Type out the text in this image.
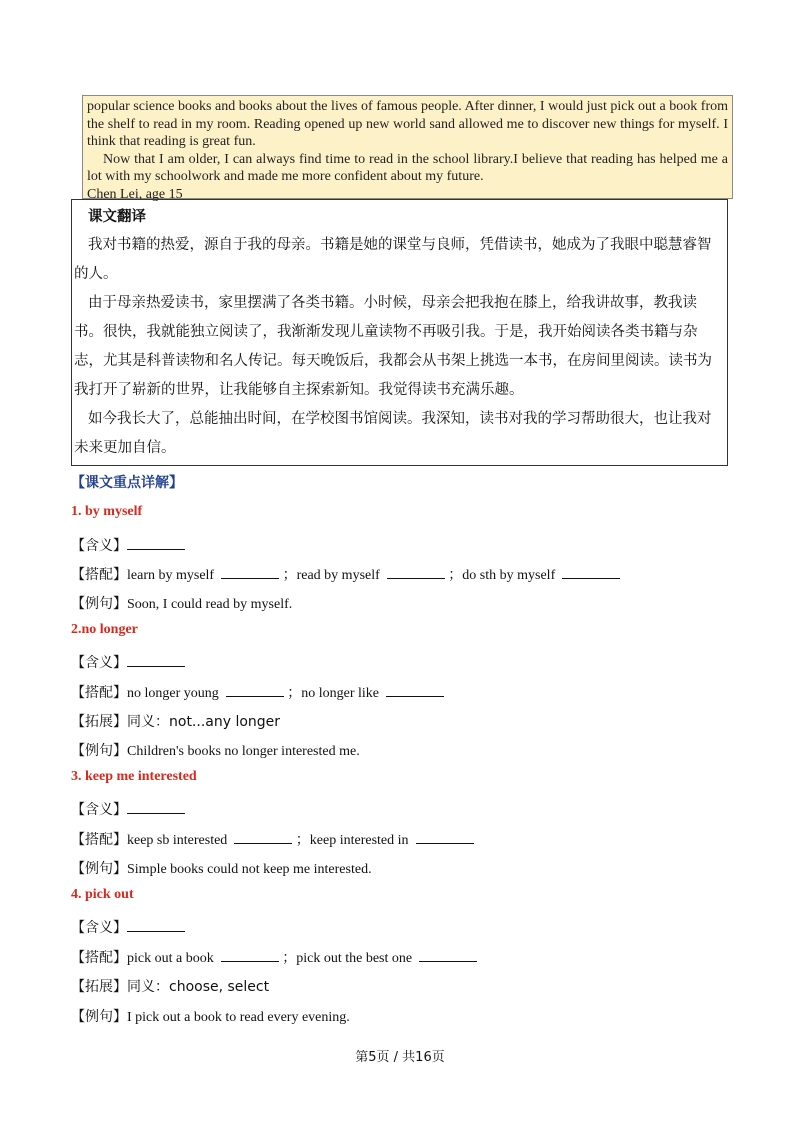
popular science books and books about the lives of famous people. After dinner, I would just pick out a book from the shelf to read in my room. Reading opened up new world sand allowed me to discover new things for myself. I think that reading is great fun.

Now that I am older, I can always find time to read in the school library.I believe that reading has helped me a lot with my schoolwork and made me more confident about my future.

Chen Lei, age 15

课文翻译

我对书籍的热爱，源自于我的母亲。书籍是她的课堂与良师，凭借读书，她成为了我眼中聪慧睿智的人。

由于母亲热爱读书，家里摆满了各类书籍。小时候，母亲会把我抱在膝上，给我讲故事，教我读书。很快，我就能独立阅读了，我渐渐发现儿童读物不再吸引我。于是，我开始阅读各类书籍与杂志，尤其是科普读物和名人传记。每天晚饭后，我都会从书架上挑选一本书，在房间里阅读。读书为我打开了崭新的世界，让我能够自主探索新知。我觉得读书充满乐趣。

如今我长大了，总能抽出时间，在学校图书馆阅读。我深知，读书对我的学习帮助很大，也让我对未来更加自信。

【课文重点详解】
1. by myself
【含义】
【搭配】learn by myself	；read by myself	；do sth by myself
【例句】Soon, I could read by myself.
2.no longer
【含义】
【搭配】no longer young	；no longer like
【拓展】同义：not...any longer
【例句】Children's books no longer interested me.
3. keep me interested
【含义】
【搭配】keep sb interested	；keep interested in
【例句】Simple books could not keep me interested.
4. pick out
【含义】
【搭配】pick out a book	；pick out the best one
【拓展】同义：choose, select
【例句】I pick out a book to read every evening.
第5页 / 共16页
